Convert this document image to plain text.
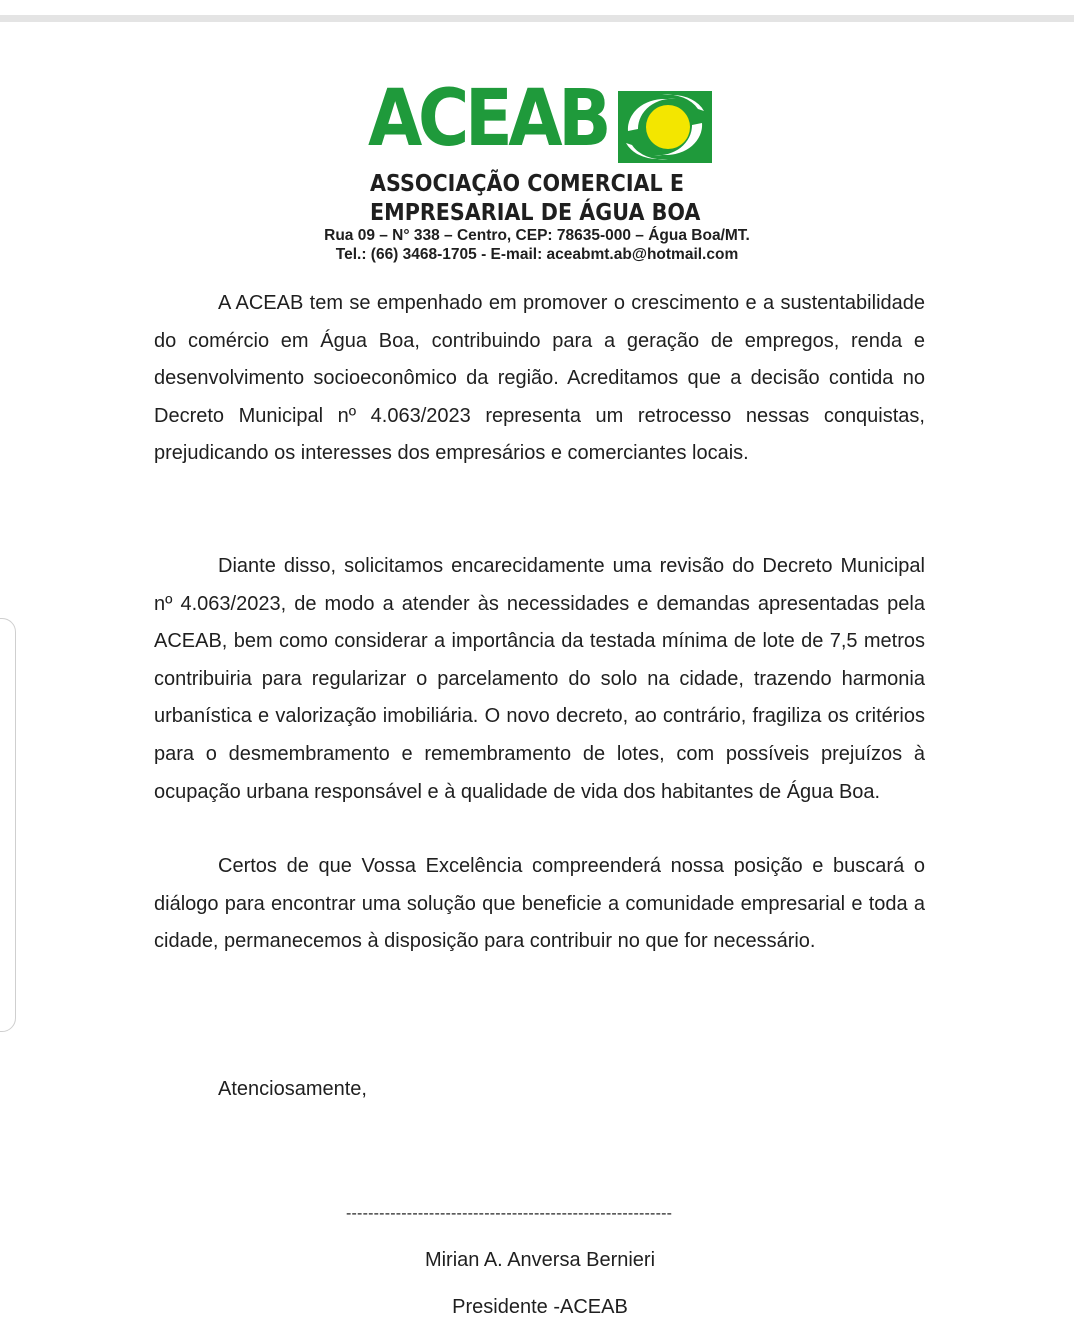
ACEAB
ASSOCIAÇÃO COMERCIAL E
EMPRESARIAL DE ÁGUA BOA
Rua 09 – N° 338 – Centro, CEP: 78635-000 – Água Boa/MT.
Tel.: (66) 3468-1705 - E-mail: aceabmt.ab@hotmail.com

A ACEAB tem se empenhado em promover o crescimento e a sustentabilidade do comércio em Água Boa, contribuindo para a geração de empregos, renda e desenvolvimento socioeconômico da região. Acreditamos que a decisão contida no Decreto Municipal nº 4.063/2023 representa um retrocesso nessas conquistas, prejudicando os interesses dos empresários e comerciantes locais.

Diante disso, solicitamos encarecidamente uma revisão do Decreto Municipal nº 4.063/2023, de modo a atender às necessidades e demandas apresentadas pela ACEAB, bem como considerar a importância da testada mínima de lote de 7,5 metros contribuiria para regularizar o parcelamento do solo na cidade, trazendo harmonia urbanística e valorização imobiliária. O novo decreto, ao contrário, fragiliza os critérios para o desmembramento e remembramento de lotes, com possíveis prejuízos à ocupação urbana responsável e à qualidade de vida dos habitantes de Água Boa.

Certos de que Vossa Excelência compreenderá nossa posição e buscará o diálogo para encontrar uma solução que beneficie a comunidade empresarial e toda a cidade, permanecemos à disposição para contribuir no que for necessário.

Atenciosamente,
-----------------------------------------------------------
Mirian A. Anversa Bernieri
Presidente -ACEAB
